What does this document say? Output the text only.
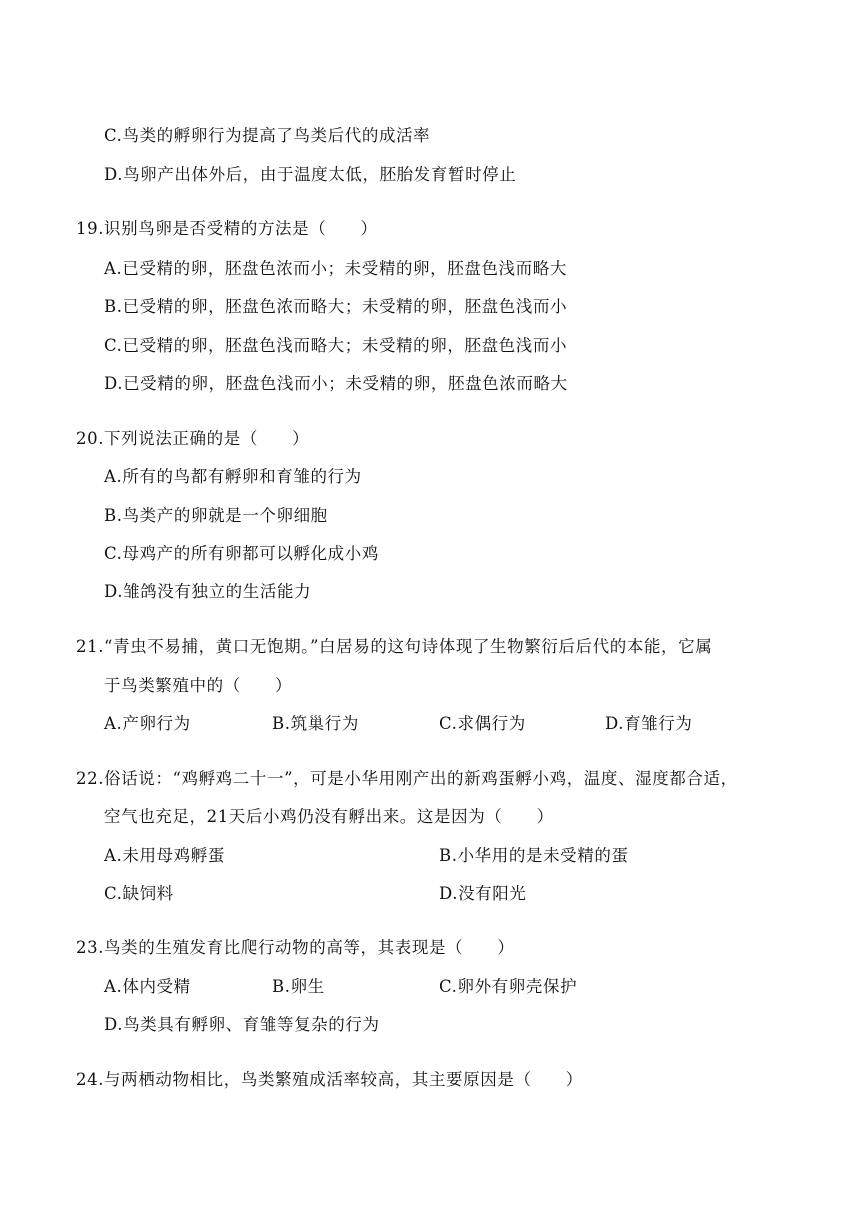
C.鸟类的孵卵行为提高了鸟类后代的成活率
D.鸟卵产出体外后，由于温度太低，胚胎发育暂时停止
19.识别鸟卵是否受精的方法是（　　）
A.已受精的卵，胚盘色浓而小；未受精的卵，胚盘色浅而略大
B.已受精的卵，胚盘色浓而略大；未受精的卵，胚盘色浅而小
C.已受精的卵，胚盘色浅而略大；未受精的卵，胚盘色浅而小
D.已受精的卵，胚盘色浅而小；未受精的卵，胚盘色浓而略大
20.下列说法正确的是（　　）
A.所有的鸟都有孵卵和育雏的行为
B.鸟类产的卵就是一个卵细胞
C.母鸡产的所有卵都可以孵化成小鸡
D.雏鸽没有独立的生活能力
21.“青虫不易捕，黄口无饱期。”白居易的这句诗体现了生物繁衍后后代的本能，它属
于鸟类繁殖中的（　　）
A.产卵行为	B.筑巢行为	C.求偶行为	D.育雏行为
22.俗话说：“鸡孵鸡二十一”，可是小华用刚产出的新鸡蛋孵小鸡，温度、湿度都合适，
空气也充足，21天后小鸡仍没有孵出来。这是因为（　　）
A.未用母鸡孵蛋	B.小华用的是未受精的蛋
C.缺饲料	D.没有阳光
23.鸟类的生殖发育比爬行动物的高等，其表现是（　　）
A.体内受精	B.卵生	C.卵外有卵壳保护
D.鸟类具有孵卵、育雏等复杂的行为
24.与两栖动物相比，鸟类繁殖成活率较高，其主要原因是（　　）
